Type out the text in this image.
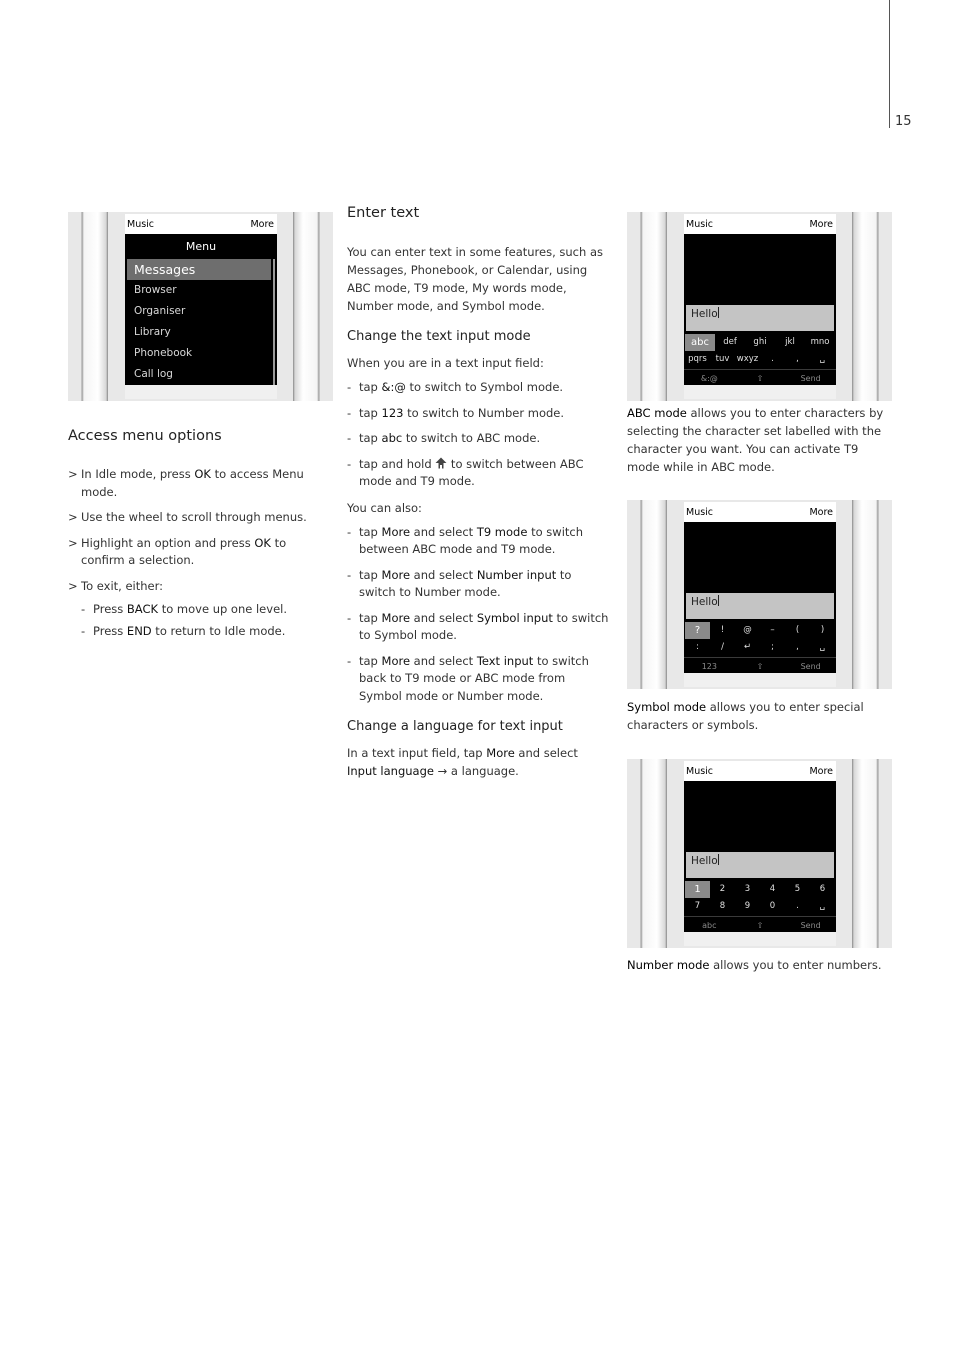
15
Music	More
Menu
Messages
Browser
Organiser
Library
Phonebook
Call log
Access menu options
> In Idle mode, press OK to access Menu mode.
> Use the wheel to scroll through menus.
> Highlight an option and press OK to confirm a selection.
> To exit, either:
- Press BACK to move up one level.
- Press END to return to Idle mode.
Enter text

You can enter text in some features, such as Messages, Phonebook, or Calendar, using ABC mode, T9 mode, My words mode, Number mode, and Symbol mode.

Change the text input mode

When you are in a text input field:

- tap &:@ to switch to Symbol mode.
- tap 123 to switch to Number mode.
- tap abc to switch to ABC mode.
- tap and hold  to switch between ABC mode and T9 mode.

You can also:

- tap More and select T9 mode to switch between ABC mode and T9 mode.
- tap More and select Number input to switch to Number mode.
- tap More and select Symbol input to switch to Symbol mode.
- tap More and select Text input to switch back to T9 mode or ABC mode from Symbol mode or Number mode.
Change a language for text input

In a text input field, tap More and select Input language → a language.

Music	More
Hello
abc	def	ghi	jkl	mno
pqrs	tuv wxyz	.	,	␣
&:@	⇧	Send
ABC mode allows you to enter characters by selecting the character set labelled with the character you want. You can activate T9 mode while in ABC mode.
Music	More
Hello
?	!	@	–	(	)
:	/	↵	;	,	␣
123	⇧	Send
Symbol mode allows you to enter special characters or symbols.
Music	More
Hello
1	2	3	4	5	6
7	8	9	0	.	␣
abc	⇧	Send
Number mode allows you to enter numbers.
